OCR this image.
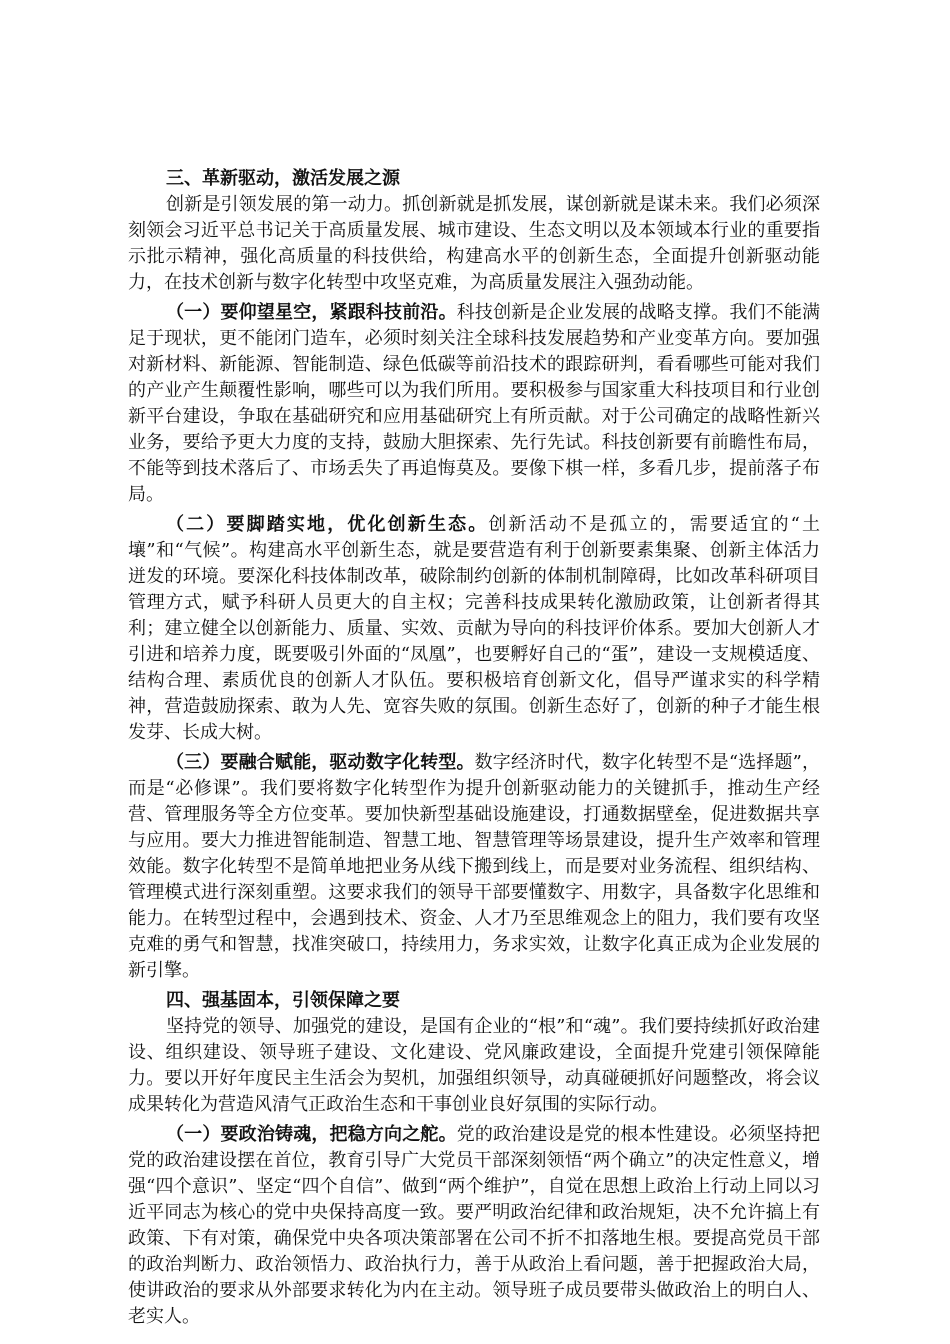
三、革新驱动，激活发展之源

创新是引领发展的第一动力。抓创新就是抓发展，谋创新就是谋未来。我们必须深刻领会习近平总书记关于高质量发展、城市建设、生态文明以及本领域本行业的重要指示批示精神，强化高质量的科技供给，构建高水平的创新生态，全面提升创新驱动能力，在技术创新与数字化转型中攻坚克难，为高质量发展注入强劲动能。

（一）要仰望星空，紧跟科技前沿。科技创新是企业发展的战略支撑。我们不能满足于现状，更不能闭门造车，必须时刻关注全球科技发展趋势和产业变革方向。要加强对新材料、新能源、智能制造、绿色低碳等前沿技术的跟踪研判，看看哪些可能对我们的产业产生颠覆性影响，哪些可以为我们所用。要积极参与国家重大科技项目和行业创新平台建设，争取在基础研究和应用基础研究上有所贡献。对于公司确定的战略性新兴业务，要给予更大力度的支持，鼓励大胆探索、先行先试。科技创新要有前瞻性布局，不能等到技术落后了、市场丢失了再追悔莫及。要像下棋一样，多看几步，提前落子布局。

（二）要脚踏实地，优化创新生态。创新活动不是孤立的，需要适宜的“土壤”和“气候”。构建高水平创新生态，就是要营造有利于创新要素集聚、创新主体活力迸发的环境。要深化科技体制改革，破除制约创新的体制机制障碍，比如改革科研项目管理方式，赋予科研人员更大的自主权；完善科技成果转化激励政策，让创新者得其利；建立健全以创新能力、质量、实效、贡献为导向的科技评价体系。要加大创新人才引进和培养力度，既要吸引外面的“凤凰”，也要孵好自己的“蛋”，建设一支规模适度、结构合理、素质优良的创新人才队伍。要积极培育创新文化，倡导严谨求实的科学精神，营造鼓励探索、敢为人先、宽容失败的氛围。创新生态好了，创新的种子才能生根发芽、长成大树。

（三）要融合赋能，驱动数字化转型。数字经济时代，数字化转型不是“选择题”，而是“必修课”。我们要将数字化转型作为提升创新驱动能力的关键抓手，推动生产经营、管理服务等全方位变革。要加快新型基础设施建设，打通数据壁垒，促进数据共享与应用。要大力推进智能制造、智慧工地、智慧管理等场景建设，提升生产效率和管理效能。数字化转型不是简单地把业务从线下搬到线上，而是要对业务流程、组织结构、管理模式进行深刻重塑。这要求我们的领导干部要懂数字、用数字，具备数字化思维和能力。在转型过程中，会遇到技术、资金、人才乃至思维观念上的阻力，我们要有攻坚克难的勇气和智慧，找准突破口，持续用力，务求实效，让数字化真正成为企业发展的新引擎。

四、强基固本，引领保障之要

坚持党的领导、加强党的建设，是国有企业的“根”和“魂”。我们要持续抓好政治建设、组织建设、领导班子建设、文化建设、党风廉政建设，全面提升党建引领保障能力。要以开好年度民主生活会为契机，加强组织领导，动真碰硬抓好问题整改，将会议成果转化为营造风清气正政治生态和干事创业良好氛围的实际行动。

（一）要政治铸魂，把稳方向之舵。党的政治建设是党的根本性建设。必须坚持把党的政治建设摆在首位，教育引导广大党员干部深刻领悟“两个确立”的决定性意义，增强“四个意识”、坚定“四个自信”、做到“两个维护”，自觉在思想上政治上行动上同以习近平同志为核心的党中央保持高度一致。要严明政治纪律和政治规矩，决不允许搞上有政策、下有对策，确保党中央各项决策部署在公司不折不扣落地生根。要提高党员干部的政治判断力、政治领悟力、政治执行力，善于从政治上看问题，善于把握政治大局，使讲政治的要求从外部要求转化为内在主动。领导班子成员要带头做政治上的明白人、老实人。
